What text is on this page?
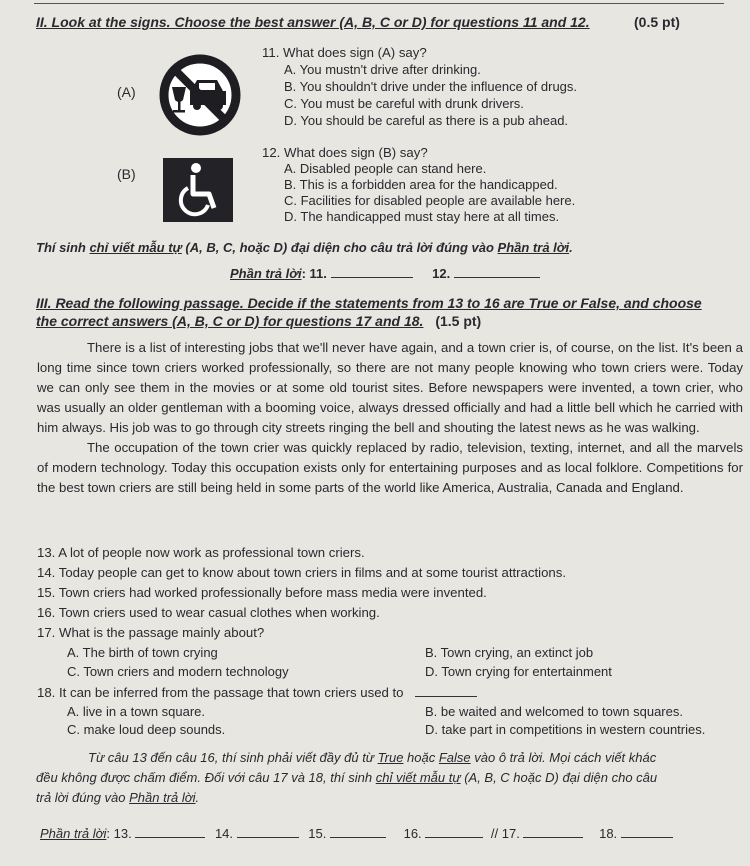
II. Look at the signs. Choose the best answer (A, B, C or D) for questions 11 and 12.	(0.5 pt)
(A)
11. What does sign (A) say?
A. You mustn't drive after drinking.
B. You shouldn't drive under the influence of drugs.
C. You must be careful with drunk drivers.
D. You should be careful as there is a pub ahead.
(B)
12. What does sign (B) say?
A. Disabled people can stand here.
B. This is a forbidden area for the handicapped.
C. Facilities for disabled people are available here.
D. The handicapped must stay here at all times.
Thí sinh chỉ viết mẫu tự (A, B, C, hoặc D) đại diện cho câu trả lời đúng vào Phần trả lời.
Phần trả lời: 11.	12.
III. Read the following passage. Decide if the statements from 13 to 16 are True or False, and choose
the correct answers (A, B, C or D) for questions 17 and 18. (1.5 pt)

There is a list of interesting jobs that we'll never have again, and a town crier is, of course, on the list. It's been a long time since town criers worked professionally, so there are not many people knowing who town criers were. Today we can only see them in the movies or at some old tourist sites. Before newspapers were invented, a town crier, who was usually an older gentleman with a booming voice, always dressed officially and had a little bell which he carried with him always. His job was to go through city streets ringing the bell and shouting the latest news as he was walking.

The occupation of the town crier was quickly replaced by radio, television, texting, internet, and all the marvels of modern technology. Today this occupation exists only for entertaining purposes and as local folklore. Competitions for the best town criers are still being held in some parts of the world like America, Australia, Canada and England.

13. A lot of people now work as professional town criers.
14. Today people can get to know about town criers in films and at some tourist attractions.
15. Town criers had worked professionally before mass media were invented.
16. Town criers used to wear casual clothes when working.
17. What is the passage mainly about?
A. The birth of town crying	B. Town crying, an extinct job
C. Town criers and modern technology	D. Town crying for entertainment
18. It can be inferred from the passage that town criers used to
A. live in a town square.	B. be waited and welcomed to town squares.
C. make loud deep sounds.	D. take part in competitions in western countries.
Từ câu 13 đến câu 16, thí sinh phải viết đầy đủ từ True hoặc False vào ô trả lời. Mọi cách viết khác
đều không được chấm điểm. Đối với câu 17 và 18, thí sinh chỉ viết mẫu tự (A, B, C hoặc D) đại diện cho câu
trả lời đúng vào Phần trả lời.
Phần trả lời: 13.	14.	15.	16.	// 17.	18.
